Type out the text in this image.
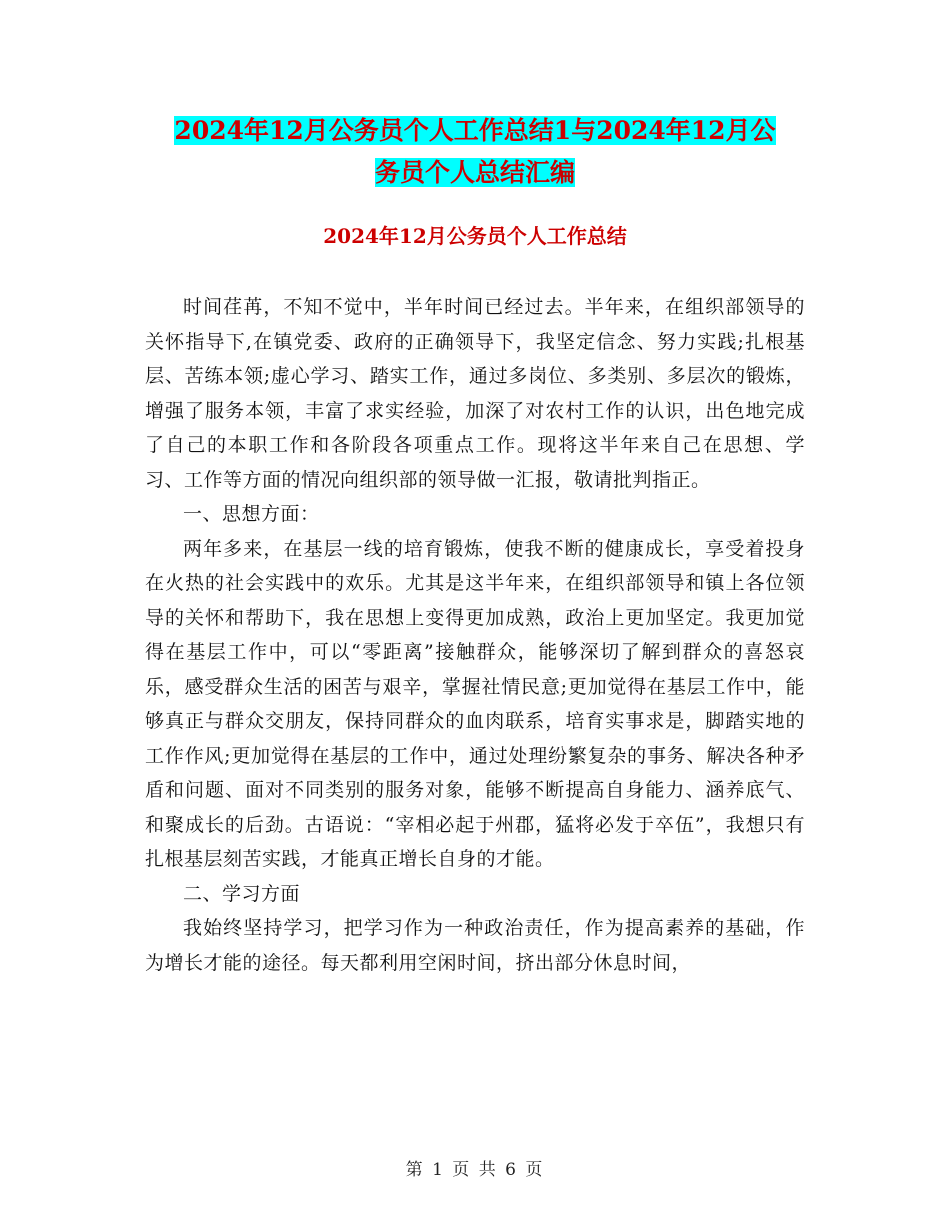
2024年12月公务员个人工作总结1与2024年12月公
务员个人总结汇编
2024年12月公务员个人工作总结

时间荏苒，不知不觉中，半年时间已经过去。半年来，在组织部领导的关怀指导下,在镇党委、政府的正确领导下，我坚定信念、努力实践;扎根基层、苦练本领;虚心学习、踏实工作，通过多岗位、多类别、多层次的锻炼，增强了服务本领，丰富了求实经验，加深了对农村工作的认识，出色地完成了自己的本职工作和各阶段各项重点工作。现将这半年来自己在思想、学习、工作等方面的情况向组织部的领导做一汇报，敬请批判指正。

一、思想方面：

两年多来，在基层一线的培育锻炼，使我不断的健康成长，享受着投身在火热的社会实践中的欢乐。尤其是这半年来，在组织部领导和镇上各位领导的关怀和帮助下，我在思想上变得更加成熟，政治上更加坚定。我更加觉得在基层工作中，可以“零距离”接触群众，能够深切了解到群众的喜怒哀乐，感受群众生活的困苦与艰辛，掌握社情民意;更加觉得在基层工作中，能够真正与群众交朋友，保持同群众的血肉联系，培育实事求是，脚踏实地的工作作风;更加觉得在基层的工作中，通过处理纷繁复杂的事务、解决各种矛盾和问题、面对不同类别的服务对象，能够不断提高自身能力、涵养底气、和聚成长的后劲。古语说：“宰相必起于州郡，猛将必发于卒伍”，我想只有扎根基层刻苦实践，才能真正增长自身的才能。

二、学习方面

我始终坚持学习，把学习作为一种政治责任，作为提高素养的基础，作为增长才能的途径。每天都利用空闲时间，挤出部分休息时间，

第 1 页 共 6 页
